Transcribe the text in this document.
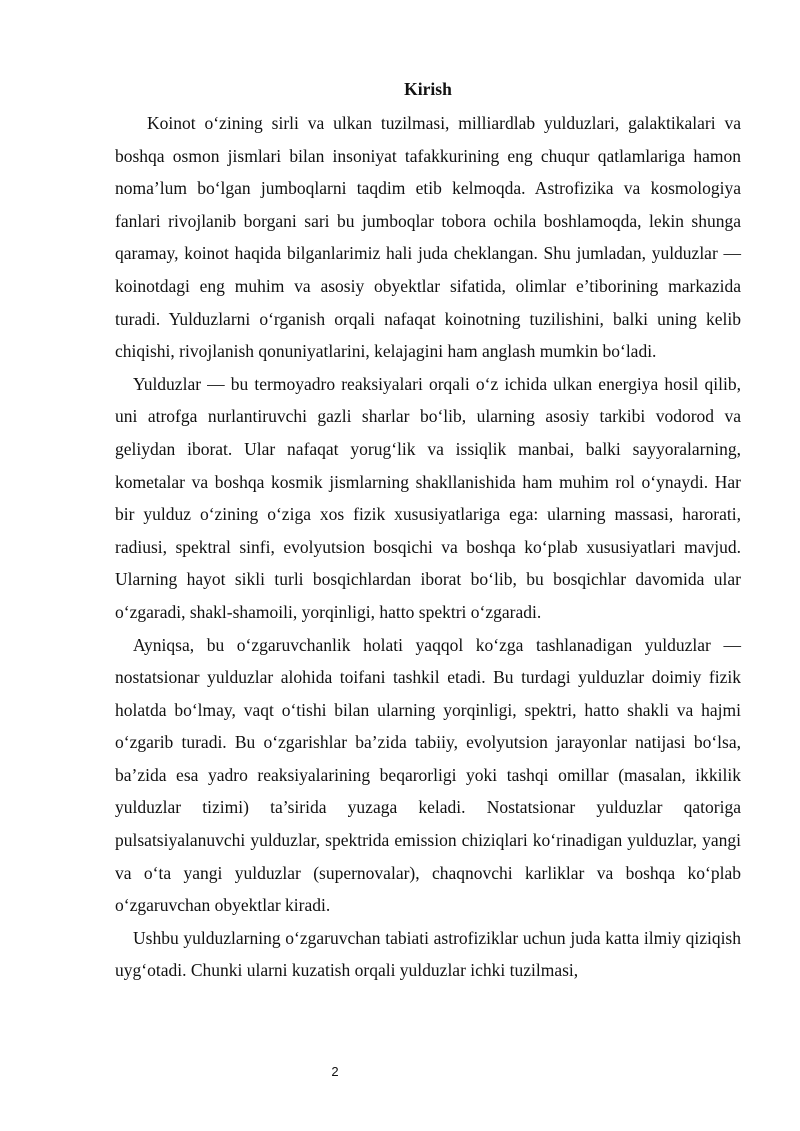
Kirish

Koinot o‘zining sirli va ulkan tuzilmasi, milliardlab yulduzlari, galaktikalari va boshqa osmon jismlari bilan insoniyat tafakkurining eng chuqur qatlamlariga hamon noma’lum bo‘lgan jumboqlarni taqdim etib kelmoqda. Astrofizika va kosmologiya fanlari rivojlanib borgani sari bu jumboqlar tobora ochila boshlamoqda, lekin shunga qaramay, koinot haqida bilganlarimiz hali juda cheklangan. Shu jumladan, yulduzlar — koinotdagi eng muhim va asosiy obyektlar sifatida, olimlar e’tiborining markazida turadi. Yulduzlarni o‘rganish orqali nafaqat koinotning tuzilishini, balki uning kelib chiqishi, rivojlanish qonuniyatlarini, kelajagini ham anglash mumkin bo‘ladi.

Yulduzlar — bu termoyadro reaksiyalari orqali o‘z ichida ulkan energiya hosil qilib, uni atrofga nurlantiruvchi gazli sharlar bo‘lib, ularning asosiy tarkibi vodorod va geliydan iborat. Ular nafaqat yorug‘lik va issiqlik manbai, balki sayyoralarning, kometalar va boshqa kosmik jismlarning shakllanishida ham muhim rol o‘ynaydi. Har bir yulduz o‘zining o‘ziga xos fizik xususiyatlariga ega: ularning massasi, harorati, radiusi, spektral sinfi, evolyutsion bosqichi va boshqa ko‘plab xususiyatlari mavjud. Ularning hayot sikli turli bosqichlardan iborat bo‘lib, bu bosqichlar davomida ular o‘zgaradi, shakl-shamoili, yorqinligi, hatto spektri o‘zgaradi.

Ayniqsa, bu o‘zgaruvchanlik holati yaqqol ko‘zga tashlanadigan yulduzlar — nostatsionar yulduzlar alohida toifani tashkil etadi. Bu turdagi yulduzlar doimiy fizik holatda bo‘lmay, vaqt o‘tishi bilan ularning yorqinligi, spektri, hatto shakli va hajmi o‘zgarib turadi. Bu o‘zgarishlar ba’zida tabiiy, evolyutsion jarayonlar natijasi bo‘lsa, ba’zida esa yadro reaksiyalarining beqarorligi yoki tashqi omillar (masalan, ikkilik yulduzlar tizimi) ta’sirida yuzaga keladi. Nostatsionar yulduzlar qatoriga pulsatsiyalanuvchi yulduzlar, spektrida emission chiziqlari ko‘rinadigan yulduzlar, yangi va o‘ta yangi yulduzlar (supernovalar), chaqnovchi karliklar va boshqa ko‘plab o‘zgaruvchan obyektlar kiradi.

Ushbu yulduzlarning o‘zgaruvchan tabiati astrofiziklar uchun juda katta ilmiy qiziqish uyg‘otadi. Chunki ularni kuzatish orqali yulduzlar ichki tuzilmasi,

2
